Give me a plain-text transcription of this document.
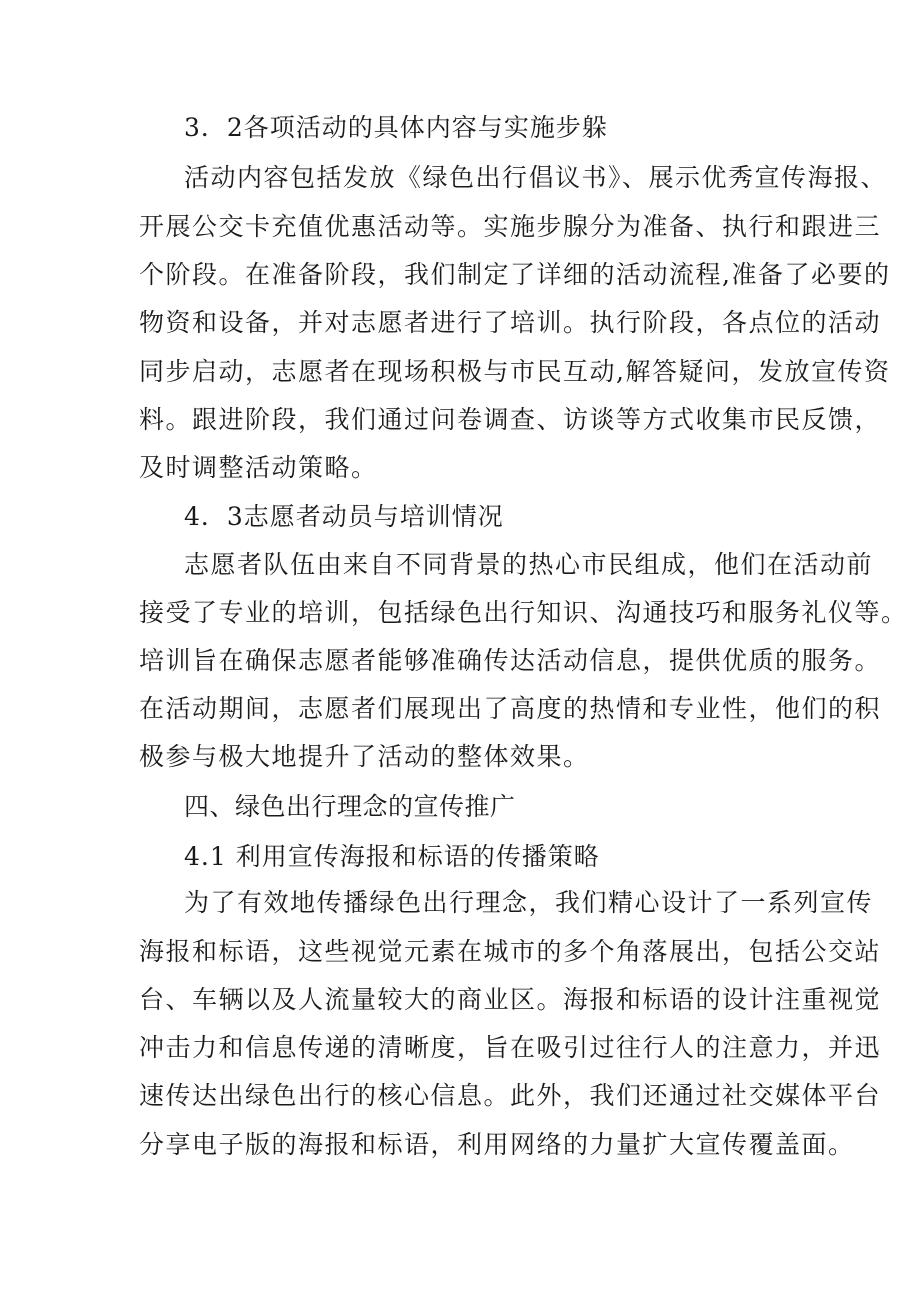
3．2各项活动的具体内容与实施步躲
活动内容包括发放《绿色出行倡议书》、展示优秀宣传海报、
开展公交卡充值优惠活动等。实施步腺分为准备、执行和跟进三
个阶段。在准备阶段，我们制定了详细的活动流程,准备了必要的
物资和设备，并对志愿者进行了培训。执行阶段，各点位的活动
同步启动，志愿者在现场积极与市民互动,解答疑问，发放宣传资
料。跟进阶段，我们通过问卷调查、访谈等方式收集市民反馈，
及时调整活动策略。
4．3志愿者动员与培训情况
志愿者队伍由来自不同背景的热心市民组成，他们在活动前
接受了专业的培训，包括绿色出行知识、沟通技巧和服务礼仪等。
培训旨在确保志愿者能够准确传达活动信息，提供优质的服务。
在活动期间，志愿者们展现出了高度的热情和专业性，他们的积
极参与极大地提升了活动的整体效果。
四、绿色出行理念的宣传推广
4.1 利用宣传海报和标语的传播策略
为了有效地传播绿色出行理念，我们精心设计了一系列宣传
海报和标语，这些视觉元素在城市的多个角落展出，包括公交站
台、车辆以及人流量较大的商业区。海报和标语的设计注重视觉
冲击力和信息传递的清晰度，旨在吸引过往行人的注意力，并迅
速传达出绿色出行的核心信息。此外，我们还通过社交媒体平台
分享电子版的海报和标语，利用网络的力量扩大宣传覆盖面。
